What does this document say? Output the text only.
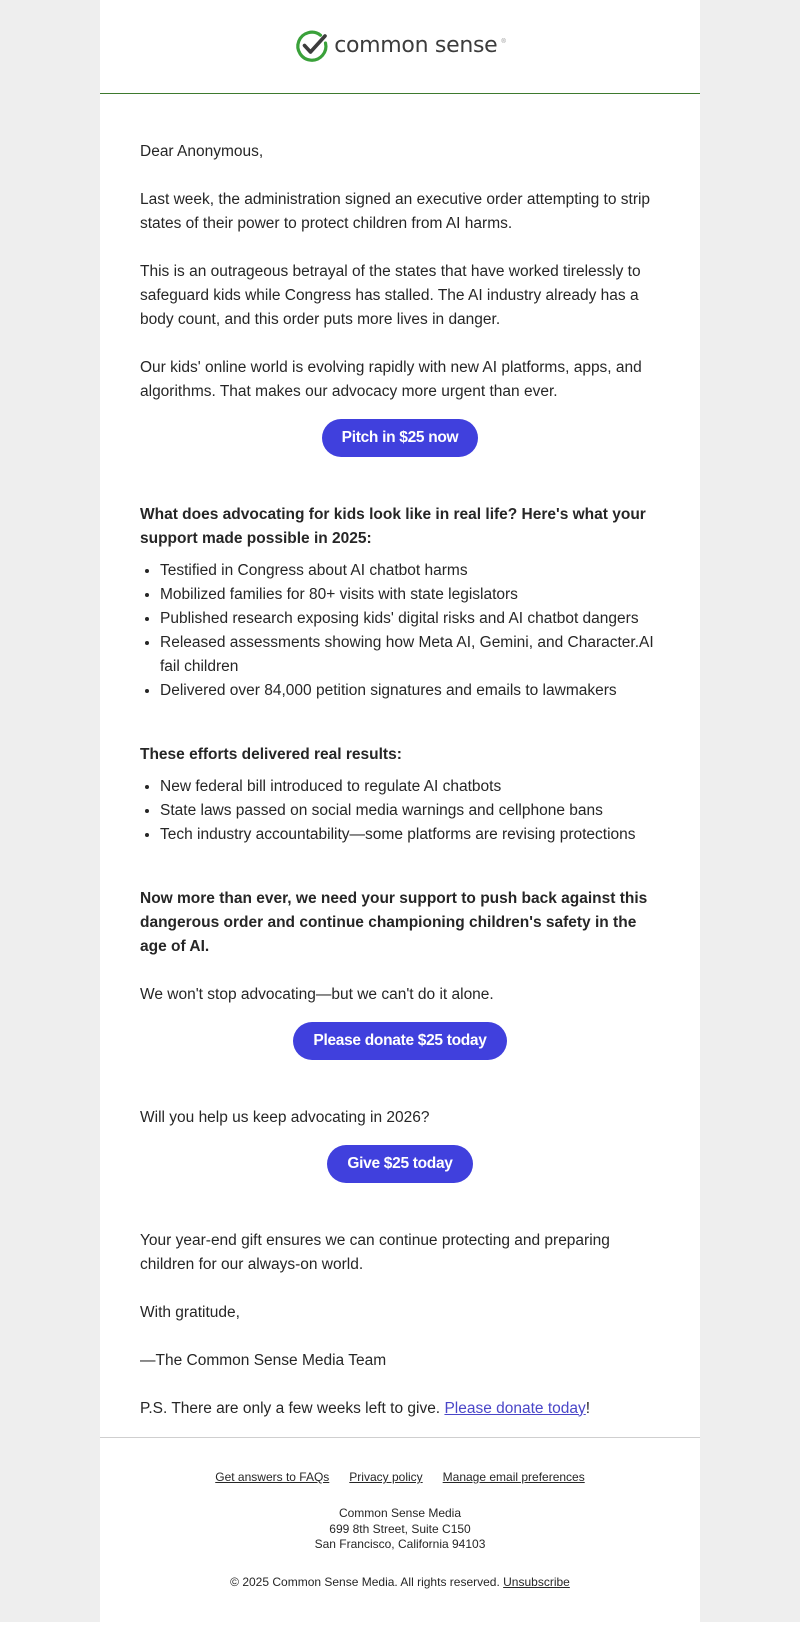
common sense ®

Dear Anonymous,

Last week, the administration signed an executive order attempting to strip states of their power to protect children from AI harms.

This is an outrageous betrayal of the states that have worked tirelessly to safeguard kids while Congress has stalled. The AI industry already has a body count, and this order puts more lives in danger.

Our kids' online world is evolving rapidly with new AI platforms, apps, and algorithms. That makes our advocacy more urgent than ever.

Pitch in $25 now

What does advocating for kids look like in real life? Here's what your support made possible in 2025:

• Testified in Congress about AI chatbot harms
• Mobilized families for 80+ visits with state legislators
• Published research exposing kids' digital risks and AI chatbot dangers
• Released assessments showing how Meta AI, Gemini, and Character.AI fail children
• Delivered over 84,000 petition signatures and emails to lawmakers

These efforts delivered real results:

• New federal bill introduced to regulate AI chatbots
• State laws passed on social media warnings and cellphone bans
• Tech industry accountability—some platforms are revising protections

Now more than ever, we need your support to push back against this dangerous order and continue championing children's safety in the age of AI.

We won't stop advocating—but we can't do it alone.

Please donate $25 today

Will you help us keep advocating in 2026?

Give $25 today

Your year-end gift ensures we can continue protecting and preparing children for our always-on world.

With gratitude,

—The Common Sense Media Team

P.S. There are only a few weeks left to give. Please donate today!

Get answers to FAQs Privacy policy Manage email preferences
Common Sense Media
699 8th Street, Suite C150
San Francisco, California 94103
© 2025 Common Sense Media. All rights reserved. Unsubscribe
